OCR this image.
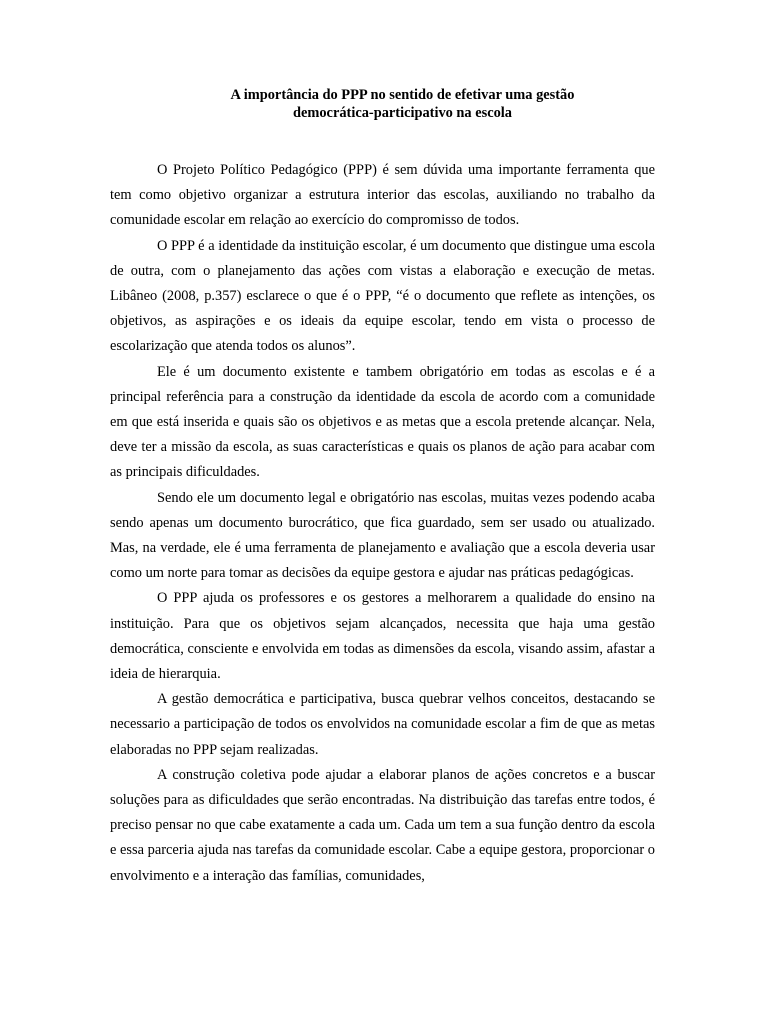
A importância do PPP no sentido de efetivar uma gestão
democrática-participativo na escola

O Projeto Político Pedagógico (PPP) é sem dúvida uma importante ferramenta que tem como objetivo organizar a estrutura interior das escolas, auxiliando no trabalho da comunidade escolar em relação ao exercício do compromisso de todos.

O PPP é a identidade da instituição escolar, é um documento que distingue uma escola de outra, com o planejamento das ações com vistas a elaboração e execução de metas. Libâneo (2008, p.357) esclarece o que é o PPP, “é o documento que reflete as intenções, os objetivos, as aspirações e os ideais da equipe escolar, tendo em vista o processo de escolarização que atenda todos os alunos”.

Ele é um documento existente e tambem obrigatório em todas as escolas e é a principal referência para a construção da identidade da escola de acordo com a comunidade em que está inserida e quais são os objetivos e as metas que a escola pretende alcançar. Nela, deve ter a missão da escola, as suas características e quais os planos de ação para acabar com as principais dificuldades.

Sendo ele um documento legal e obrigatório nas escolas, muitas vezes podendo acaba sendo apenas um documento burocrático, que fica guardado, sem ser usado ou atualizado. Mas, na verdade, ele é uma ferramenta de planejamento e avaliação que a escola deveria usar como um norte para tomar as decisões da equipe gestora e ajudar nas práticas pedagógicas.

O PPP ajuda os professores e os gestores a melhorarem a qualidade do ensino na instituição. Para que os objetivos sejam alcançados, necessita que haja uma gestão democrática, consciente e envolvida em todas as dimensões da escola, visando assim, afastar a ideia de hierarquia.

A gestão democrática e participativa, busca quebrar velhos conceitos, destacando se necessario a participação de todos os envolvidos na comunidade escolar a fim de que as metas elaboradas no PPP sejam realizadas.

A construção coletiva pode ajudar a elaborar planos de ações concretos e a buscar soluções para as dificuldades que serão encontradas. Na distribuição das tarefas entre todos, é preciso pensar no que cabe exatamente a cada um. Cada um tem a sua função dentro da escola e essa parceria ajuda nas tarefas da comunidade escolar. Cabe a equipe gestora, proporcionar o envolvimento e a interação das famílias, comunidades,
